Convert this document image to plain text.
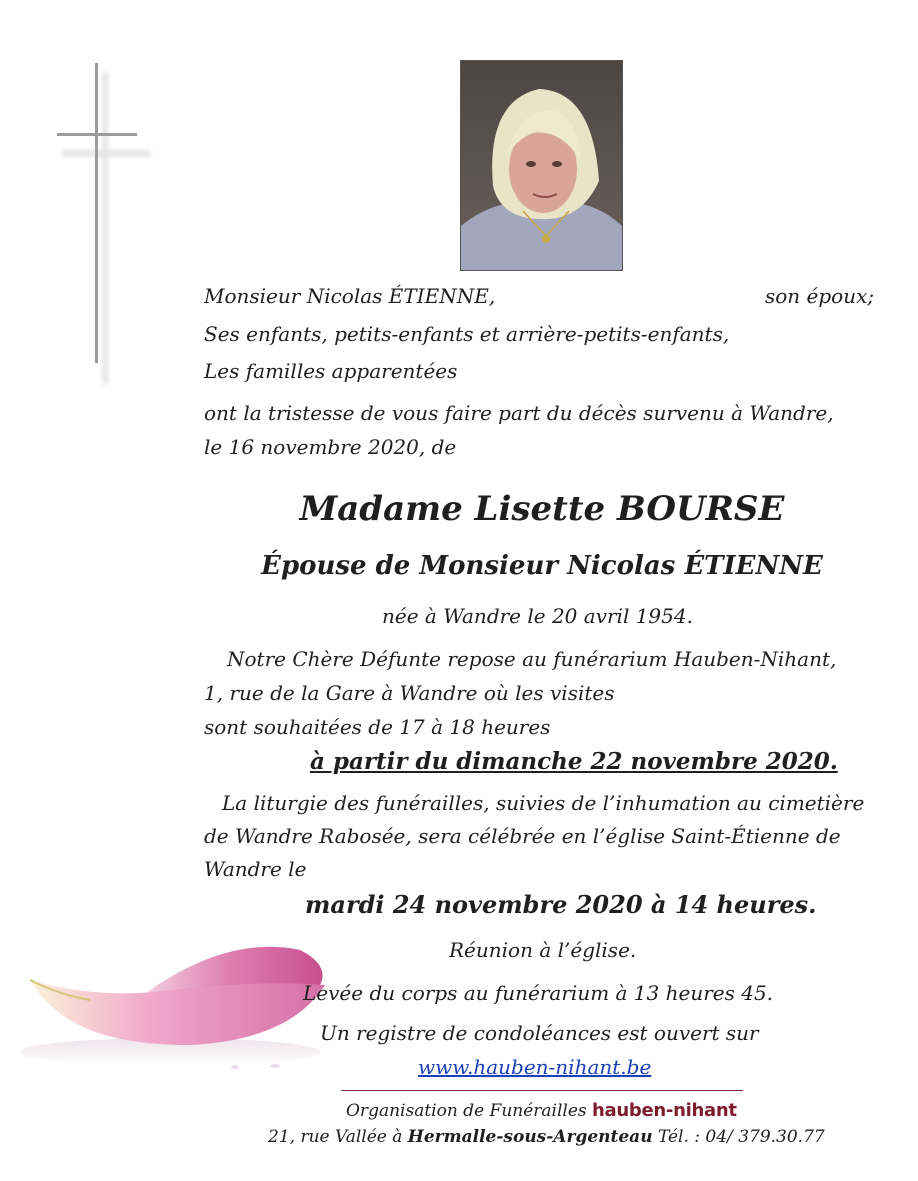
Monsieur Nicolas ÉTIENNE,	son époux;
Ses enfants, petits-enfants et arrière-petits-enfants,
Les familles apparentées
ont la tristesse de vous faire part du décès survenu à Wandre,
le 16 novembre 2020, de
Madame Lisette BOURSE
Épouse de Monsieur Nicolas ÉTIENNE
née à Wandre le 20 avril 1954.
Notre Chère Défunte repose au funérarium Hauben-Nihant,
1, rue de la Gare à Wandre où les visites
sont souhaitées de 17 à 18 heures
à partir du dimanche 22 novembre 2020.
La liturgie des funérailles, suivies de l’inhumation au cimetière
de Wandre Rabosée, sera célébrée en l’église Saint-Étienne de
Wandre le
mardi 24 novembre 2020 à 14 heures.
Réunion à l’église.
Levée du corps au funérarium à 13 heures 45.
Un registre de condoléances est ouvert sur
www.hauben-nihant.be
Organisation de Funérailles hauben-nihant
21, rue Vallée à Hermalle-sous-Argenteau Tél. : 04/ 379.30.77
